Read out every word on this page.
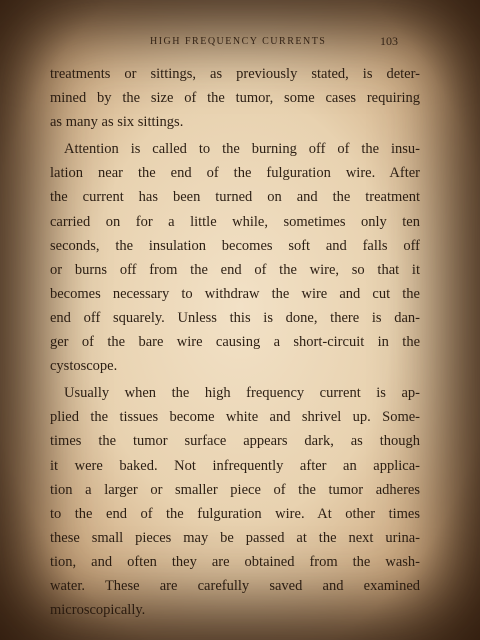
HIGH FREQUENCY CURRENTS	103

treatments or sittings, as previously stated, is deter-
mined by the size of the tumor, some cases requiring
as many as six sittings.

Attention is called to the burning off of the insu-
lation near the end of the fulguration wire. After
the current has been turned on and the treatment
carried on for a little while, sometimes only ten
seconds, the insulation becomes soft and falls off
or burns off from the end of the wire, so that it
becomes necessary to withdraw the wire and cut the
end off squarely. Unless this is done, there is dan-
ger of the bare wire causing a short-circuit in the
cystoscope.

Usually when the high frequency current is ap-
plied the tissues become white and shrivel up. Some-
times the tumor surface appears dark, as though
it were baked. Not infrequently after an applica-
tion a larger or smaller piece of the tumor adheres
to the end of the fulguration wire. At other times
these small pieces may be passed at the next urina-
tion, and often they are obtained from the wash-
water. These are carefully saved and examined
microscopically.
